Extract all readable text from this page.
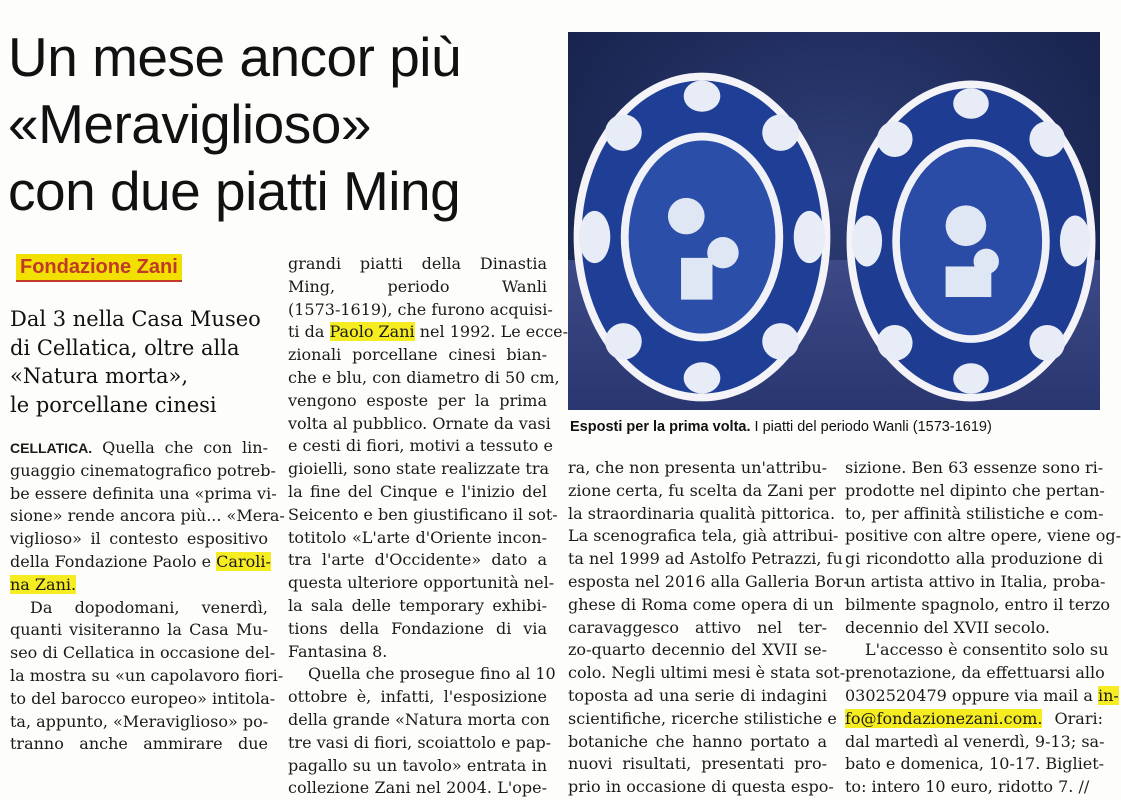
Un mese ancor più
«Meraviglioso»
con due piatti Ming
Esposti per la prima volta. I piatti del periodo Wanli (1573-1619)
Fondazione Zani
Dal 3 nella Casa Museo
di Cellatica, oltre alla
«Natura morta»,
le porcellane cinesi
CELLATICA. Quella che con lin-
guaggio cinematografico potreb-
be essere definita una «prima vi-
sione» rende ancora più... «Mera-
viglioso» il contesto espositivo
della Fondazione Paolo e Caroli-
na Zani.
Da dopodomani, venerdì,
quanti visiteranno la Casa Mu-
seo di Cellatica in occasione del-
la mostra su «un capolavoro fiori-
to del barocco europeo» intitola-
ta, appunto, «Meraviglioso» po-
tranno anche ammirare due
grandi piatti della Dinastia
Ming, periodo Wanli
(1573-1619), che furono acquisi-
ti da Paolo Zani nel 1992. Le ecce-
zionali porcellane cinesi bian-
che e blu, con diametro di 50 cm,
vengono esposte per la prima
volta al pubblico. Ornate da vasi
e cesti di fiori, motivi a tessuto e
gioielli, sono state realizzate tra
la fine del Cinque e l'inizio del
Seicento e ben giustificano il sot-
totitolo «L'arte d'Oriente incon-
tra l'arte d'Occidente» dato a
questa ulteriore opportunità nel-
la sala delle temporary exhibi-
tions della Fondazione di via
Fantasina 8.
Quella che prosegue fino al 10
ottobre è, infatti, l'esposizione
della grande «Natura morta con
tre vasi di fiori, scoiattolo e pap-
pagallo su un tavolo» entrata in
collezione Zani nel 2004. L'ope-
ra, che non presenta un'attribu-
zione certa, fu scelta da Zani per
la straordinaria qualità pittorica.
La scenografica tela, già attribui-
ta nel 1999 ad Astolfo Petrazzi, fu
esposta nel 2016 alla Galleria Bor-
ghese di Roma come opera di un
caravaggesco attivo nel ter-
zo-quarto decennio del XVII se-
colo. Negli ultimi mesi è stata sot-
toposta ad una serie di indagini
scientifiche, ricerche stilistiche e
botaniche che hanno portato a
nuovi risultati, presentati pro-
prio in occasione di questa espo-
sizione. Ben 63 essenze sono ri-
prodotte nel dipinto che pertan-
to, per affinità stilistiche e com-
positive con altre opere, viene og-
gi ricondotto alla produzione di
un artista attivo in Italia, proba-
bilmente spagnolo, entro il terzo
decennio del XVII secolo.
L'accesso è consentito solo su
prenotazione, da effettuarsi allo
0302520479 oppure via mail a in-
fo@fondazionezani.com. Orari:
dal martedì al venerdì, 9-13; sa-
bato e domenica, 10-17. Bigliet-
to: intero 10 euro, ridotto 7. //
